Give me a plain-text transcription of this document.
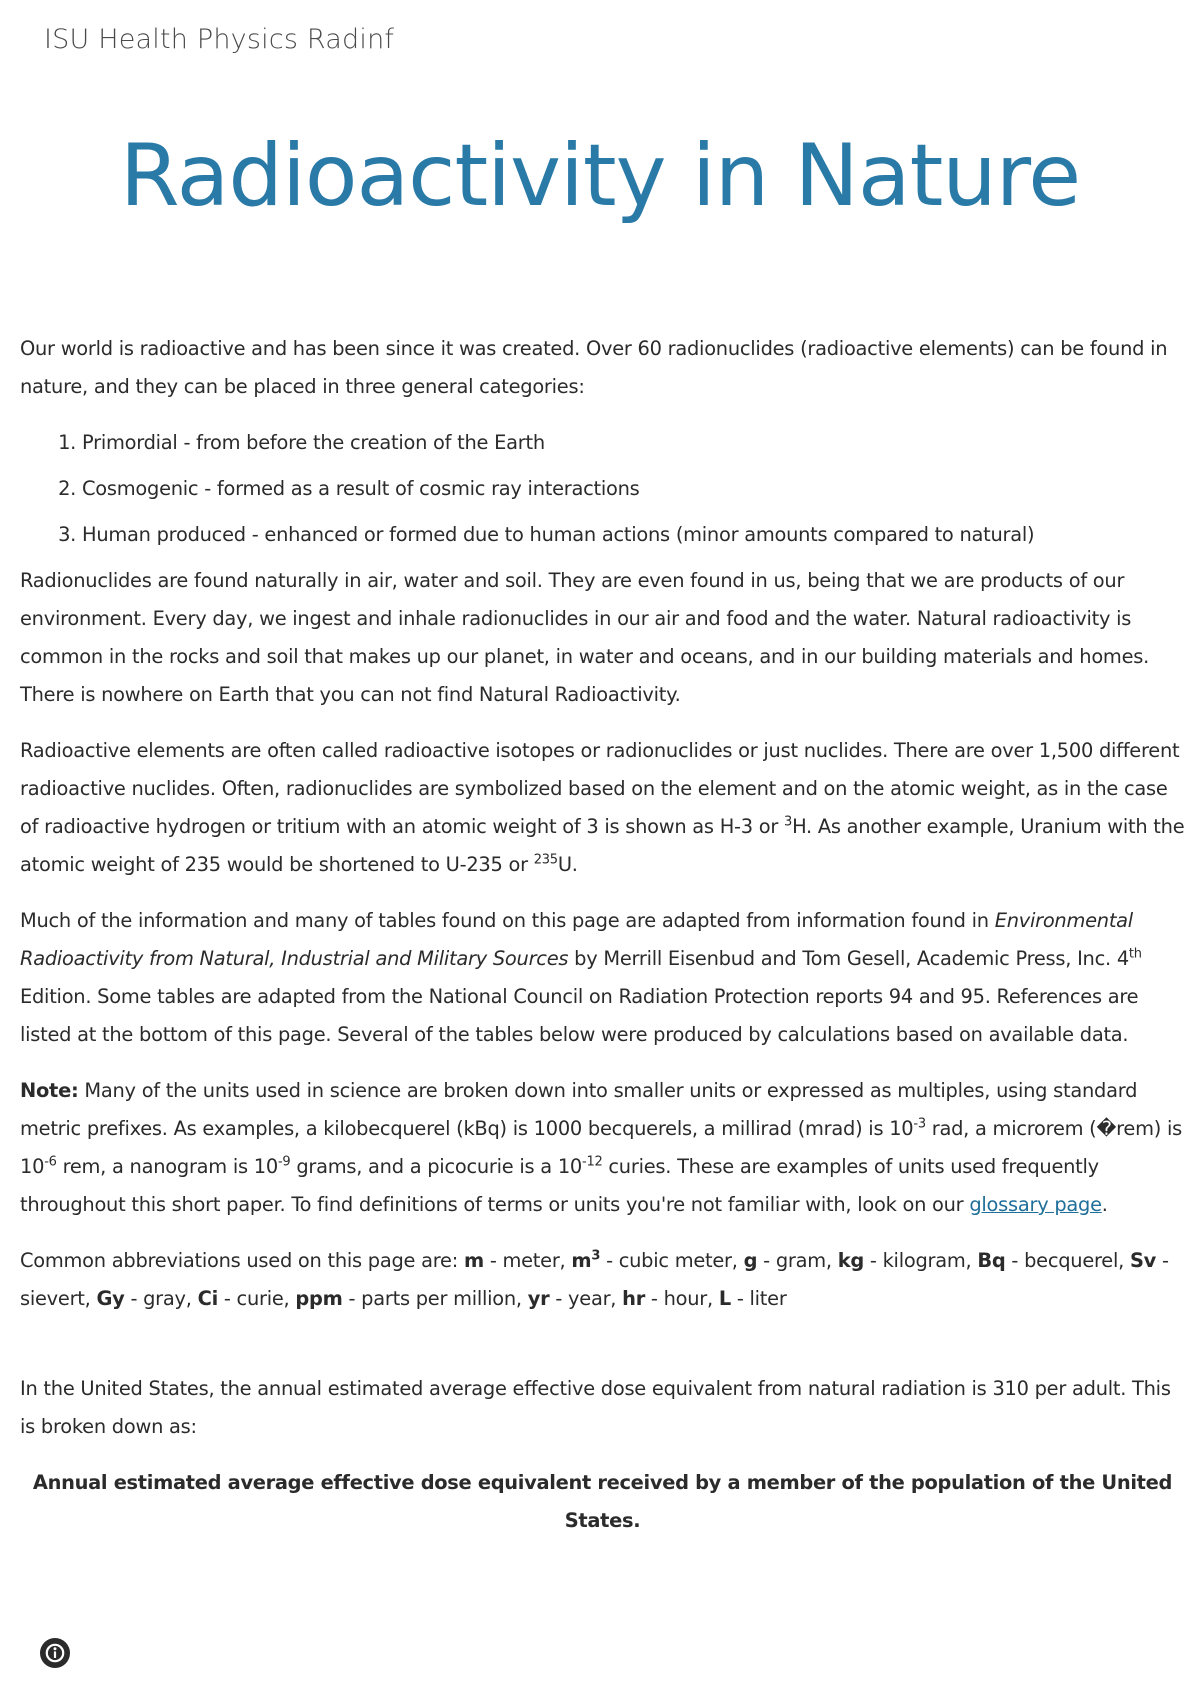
ISU Health Physics Radinf
Radioactivity in Nature

Our world is radioactive and has been since it was created. Over 60 radionuclides (radioactive elements) can be found in nature, and they can be placed in three general categories:

1. Primordial - from before the creation of the Earth
2. Cosmogenic - formed as a result of cosmic ray interactions
3. Human produced - enhanced or formed due to human actions (minor amounts compared to natural)

Radionuclides are found naturally in air, water and soil. They are even found in us, being that we are products of our environment. Every day, we ingest and inhale radionuclides in our air and food and the water. Natural radioactivity is common in the rocks and soil that makes up our planet, in water and oceans, and in our building materials and homes. There is nowhere on Earth that you can not find Natural Radioactivity.

Radioactive elements are often called radioactive isotopes or radionuclides or just nuclides. There are over 1,500 different radioactive nuclides. Often, radionuclides are symbolized based on the element and on the atomic weight, as in the case of radioactive hydrogen or tritium with an atomic weight of 3 is shown as H-3 or $^3$H. As another example, Uranium with the atomic weight of 235 would be shortened to U-235 or $^{235}$U.

Much of the information and many of tables found on this page are adapted from information found in Environmental Radioactivity from Natural, Industrial and Military Sources by Merrill Eisenbud and Tom Gesell, Academic Press, Inc. 4th Edition. Some tables are adapted from the National Council on Radiation Protection reports 94 and 95. References are listed at the bottom of this page. Several of the tables below were produced by calculations based on available data.

Note: Many of the units used in science are broken down into smaller units or expressed as multiples, using standard metric prefixes. As examples, a kilobecquerel (kBq) is 1000 becquerels, a millirad (mrad) is $10^{-3}$ rad, a microrem (�rem) is $10^{-6}$ rem, a nanogram is $10^{-9}$ grams, and a picocurie is a $10^{-12}$ curies. These are examples of units used frequently throughout this short paper. To find definitions of terms or units you're not familiar with, look on our glossary page.

Common abbreviations used on this page are: m - meter, $m^3$ - cubic meter, g - gram, kg - kilogram, Bq - becquerel, Sv - sievert, Gy - gray, Ci - curie, ppm - parts per million, yr - year, hr - hour, L - liter

In the United States, the annual estimated average effective dose equivalent from natural radiation is 310 per adult. This is broken down as:

Annual estimated average effective dose equivalent received by a member of the population of the United States.
